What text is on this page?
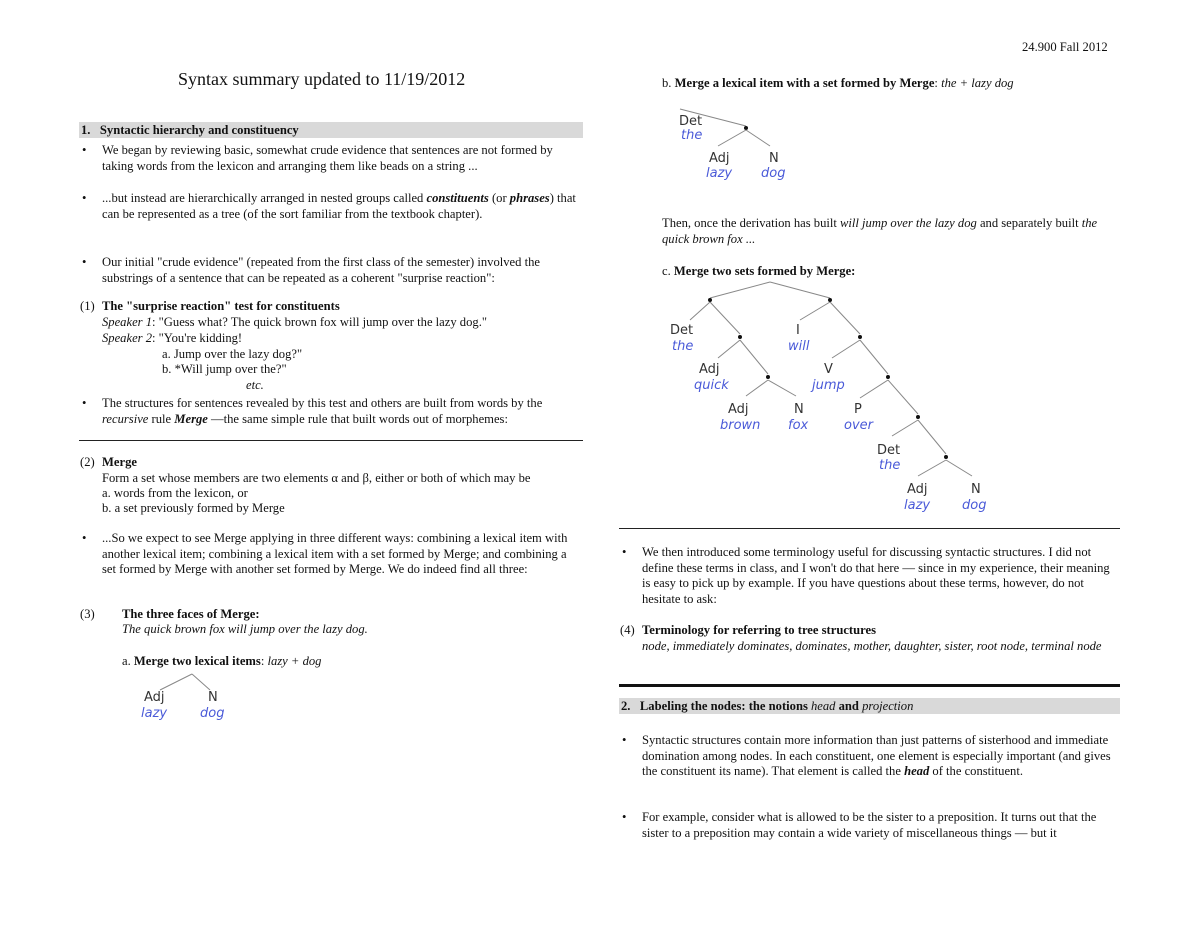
24.900 Fall 2012
Syntax summary updated to 11/19/2012
1. Syntactic hierarchy and constituency
• We began by reviewing basic, somewhat crude evidence that sentences are not formed by taking words from the lexicon and arranging them like beads on a string ...
• ...but instead are hierarchically arranged in nested groups called constituents (or phrases) that can be represented as a tree (of the sort familiar from the textbook chapter).
• Our initial "crude evidence" (repeated from the first class of the semester) involved the substrings of a sentence that can be repeated as a coherent "surprise reaction":
(1) The "surprise reaction" test for constituents
Speaker 1: "Guess what? The quick brown fox will jump over the lazy dog."
Speaker 2: "You're kidding!
a. Jump over the lazy dog?"
b. *Will jump over the?"
etc.
• The structures for sentences revealed by this test and others are built from words by the recursive rule Merge —the same simple rule that built words out of morphemes:
(2) Merge
Form a set whose members are two elements α and β, either or both of which may be
a. words from the lexicon, or
b. a set previously formed by Merge
• ...So we expect to see Merge applying in three different ways: combining a lexical item with another lexical item; combining a lexical item with a set formed by Merge; and combining a set formed by Merge with another set formed by Merge. We do indeed find all three:
(3) The three faces of Merge:
The quick brown fox will jump over the lazy dog.
a. Merge two lexical items: lazy + dog
Adj	N
lazy	dog
b. Merge a lexical item with a set formed by Merge: the + lazy dog
Det
the
Adj	N
lazy dog
Then, once the derivation has built will jump over the lazy dog and separately built the quick brown fox ...
c. Merge two sets formed by Merge:
Det
the
Adj
quick
Adj
brown
N
fox
I
will
V
jump
P
over
Det
the
Adj
lazy
N
dog
• We then introduced some terminology useful for discussing syntactic structures. I did not define these terms in class, and I won't do that here — since in my experience, their meaning is easy to pick up by example. If you have questions about these terms, however, do not hesitate to ask:
(4) Terminology for referring to tree structures
node, immediately dominates, dominates, mother, daughter, sister, root node, terminal node
2. Labeling the nodes: the notions head and projection
• Syntactic structures contain more information than just patterns of sisterhood and immediate domination among nodes. In each constituent, one element is especially important (and gives the constituent its name). That element is called the head of the constituent.
• For example, consider what is allowed to be the sister to a preposition. It turns out that the sister to a preposition may contain a wide variety of miscellaneous things — but it
